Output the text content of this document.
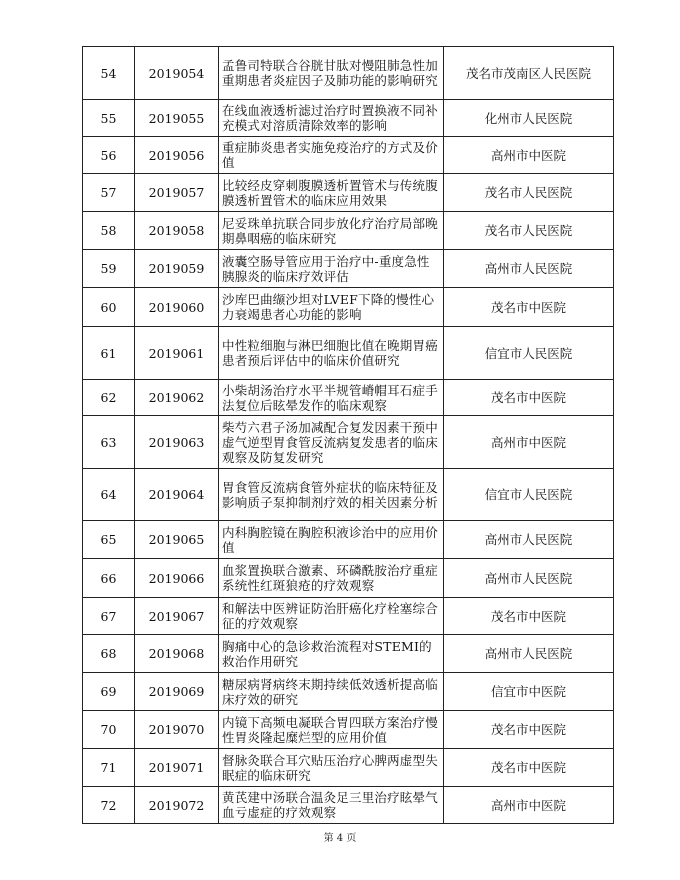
54	2019054	孟鲁司特联合谷胱甘肽对慢阻肺急性加重期患者炎症因子及肺功能的影响研究	茂名市茂南区人民医院
55	2019055	在线血液透析滤过治疗时置换液不同补充模式对溶质清除效率的影响	化州市人民医院
56	2019056	重症肺炎患者实施免疫治疗的方式及价值	高州市中医院
57	2019057	比较经皮穿刺腹膜透析置管术与传统腹膜透析置管术的临床应用效果	茂名市人民医院
58	2019058	尼妥珠单抗联合同步放化疗治疗局部晚期鼻咽癌的临床研究	茂名市人民医院
59	2019059	液囊空肠导管应用于治疗中-重度急性胰腺炎的临床疗效评估	高州市人民医院
60	2019060	沙库巴曲缬沙坦对LVEF下降的慢性心力衰竭患者心功能的影响	茂名市中医院
61	2019061	中性粒细胞与淋巴细胞比值在晚期胃癌患者预后评估中的临床价值研究	信宜市人民医院
62	2019062	小柴胡汤治疗水平半规管嵴帽耳石症手法复位后眩晕发作的临床观察	茂名市中医院
63	2019063	柴芍六君子汤加减配合复发因素干预中虚气逆型胃食管反流病复发患者的临床观察及防复发研究	高州市中医院
64	2019064	胃食管反流病食管外症状的临床特征及影响质子泵抑制剂疗效的相关因素分析	信宜市人民医院
65	2019065	内科胸腔镜在胸腔积液诊治中的应用价值	高州市人民医院
66	2019066	血浆置换联合激素、环磷酰胺治疗重症系统性红斑狼疮的疗效观察	高州市人民医院
67	2019067	和解法中医辨证防治肝癌化疗栓塞综合征的疗效观察	茂名市中医院
68	2019068	胸痛中心的急诊救治流程对STEMI的救治作用研究	高州市人民医院
69	2019069	糖尿病肾病终末期持续低效透析提高临床疗效的研究	信宜市中医院
70	2019070	内镜下高频电凝联合胃四联方案治疗慢性胃炎隆起糜烂型的应用价值	茂名市中医院
71	2019071	督脉灸联合耳穴贴压治疗心脾两虚型失眠症的临床研究	茂名市中医院
72	2019072	黄芪建中汤联合温灸足三里治疗眩晕气血亏虚症的疗效观察	高州市中医院
第 4 页
